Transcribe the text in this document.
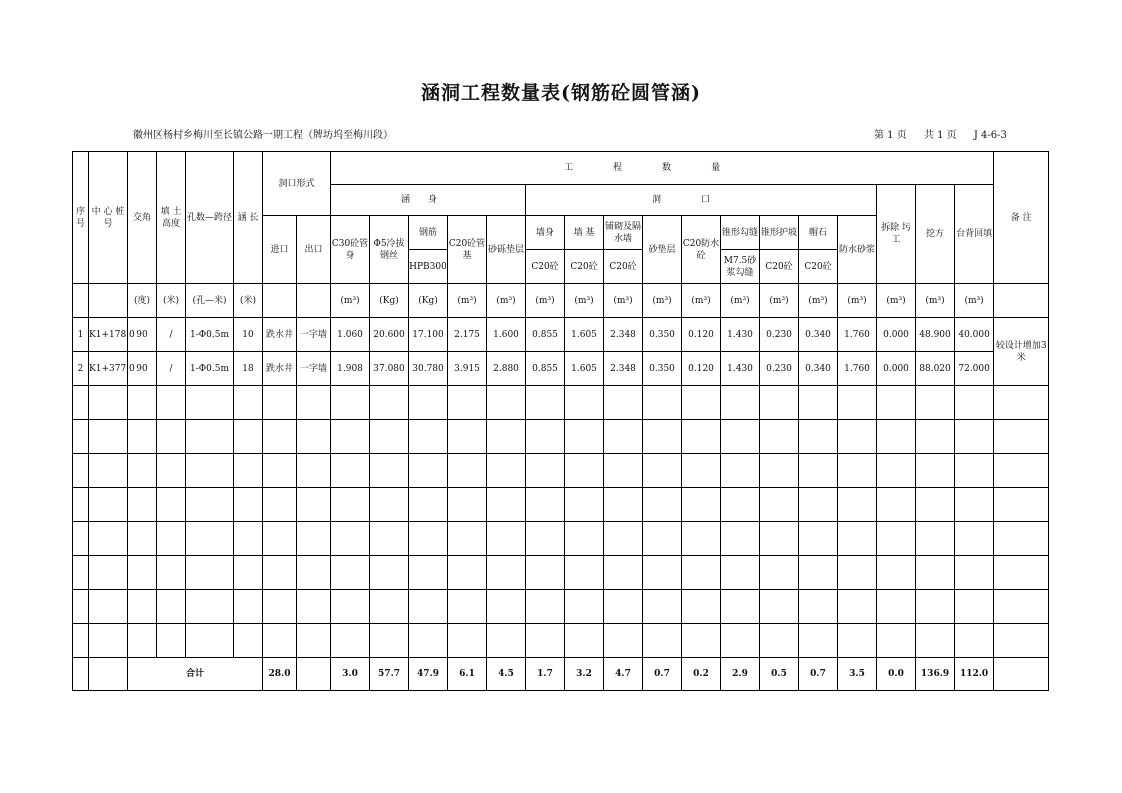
涵洞工程数量表(钢筋砼圆管涵)
徽州区杨村乡梅川至长镇公路一期工程（牌坊坞至梅川段）	第 1 页 共 1 页 J 4-6-3
序号	中 心 桩 号	交角	填 土 高度	孔数—跨径	涵 长	洞口形式		工程数量																	备 注
								涵身					洞口									拆除 圬工	挖方	台背回填	
						进口	出口	C30砼管身	Φ5冷拔钢丝	钢筋	C20砼管基	砂砾垫层	墙身	墙 基	铺砌及隔水墙	砂垫层	C20防水砼	锥形勾缝	锥形护坡	帽石	防水砂浆				
										HPB300			C20砼	C20砼	C20砼			M7.5砂浆勾缝	C20砼	C20砼					
		(度)	(米)	(孔—米)	(米)			(m³)	(Kg)	(Kg)	(m³)	(m³)	(m³)	(m³)	(m³)	(m³)	(m³)	(m³)	(m³)	(m³)	(m³)	(m³)	(m³)	(m³)	
1	K1+178.0	90	/	1-Φ0.5m	10	跌水井	一字墙	1.060	20.600	17.100	2.175	1.600	0.855	1.605	2.348	0.350	0.120	1.430	0.230	0.340	1.760	0.000	48.900	40.000	较设计增加3米
2	K1+377.0	90	/	1-Φ0.5m	18	跌水井	一字墙	1.908	37.080	30.780	3.915	2.880	0.855	1.605	2.348	0.350	0.120	1.430	0.230	0.340	1.760	0.000	88.020	72.000	

		合计				28.0		3.0	57.7	47.9	6.1	4.5	1.7	3.2	4.7	0.7	0.2	2.9	0.5	0.7	3.5	0.0	136.9	112.0	
